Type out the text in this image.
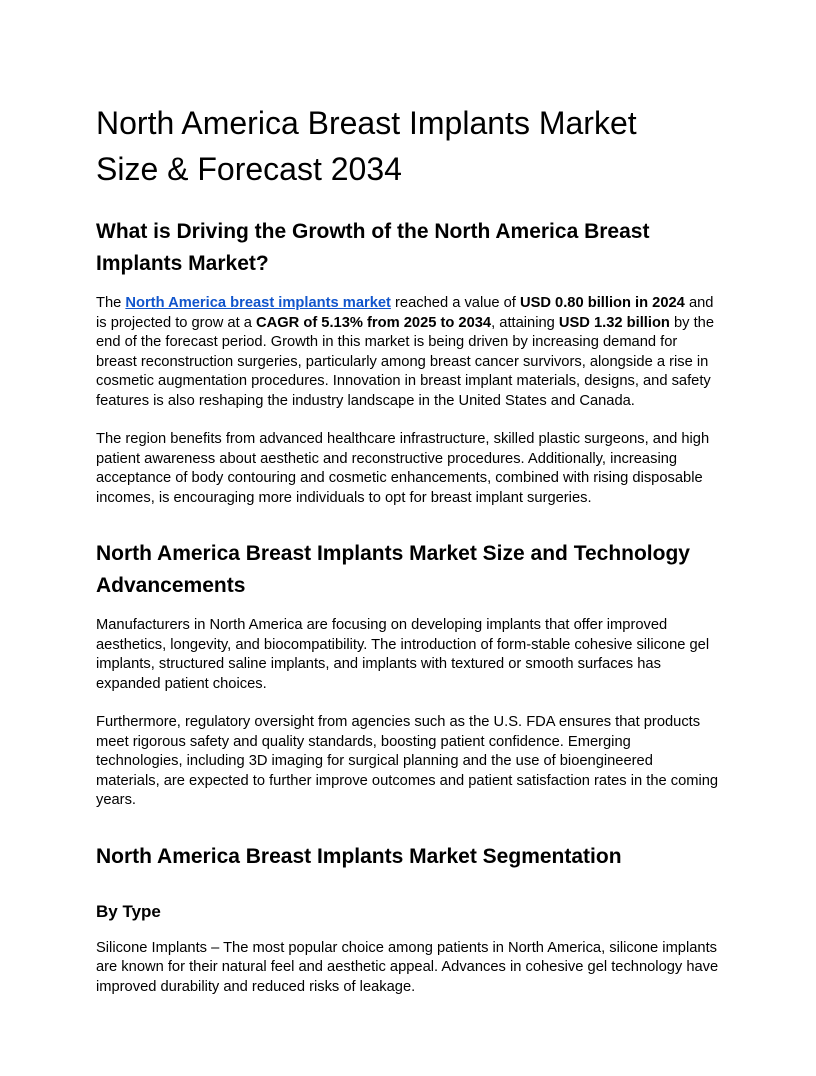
North America Breast Implants Market
Size & Forecast 2034
What is Driving the Growth of the North America Breast Implants Market?

The North America breast implants market reached a value of USD 0.80 billion in 2024 and is projected to grow at a CAGR of 5.13% from 2025 to 2034, attaining USD 1.32 billion by the end of the forecast period. Growth in this market is being driven by increasing demand for breast reconstruction surgeries, particularly among breast cancer survivors, alongside a rise in cosmetic augmentation procedures. Innovation in breast implant materials, designs, and safety features is also reshaping the industry landscape in the United States and Canada.

The region benefits from advanced healthcare infrastructure, skilled plastic surgeons, and high patient awareness about aesthetic and reconstructive procedures. Additionally, increasing acceptance of body contouring and cosmetic enhancements, combined with rising disposable incomes, is encouraging more individuals to opt for breast implant surgeries.

North America Breast Implants Market Size and Technology Advancements

Manufacturers in North America are focusing on developing implants that offer improved aesthetics, longevity, and biocompatibility. The introduction of form-stable cohesive silicone gel implants, structured saline implants, and implants with textured or smooth surfaces has expanded patient choices.

Furthermore, regulatory oversight from agencies such as the U.S. FDA ensures that products meet rigorous safety and quality standards, boosting patient confidence. Emerging technologies, including 3D imaging for surgical planning and the use of bioengineered materials, are expected to further improve outcomes and patient satisfaction rates in the coming years.

North America Breast Implants Market Segmentation
By Type

Silicone Implants – The most popular choice among patients in North America, silicone implants are known for their natural feel and aesthetic appeal. Advances in cohesive gel technology have improved durability and reduced risks of leakage.
